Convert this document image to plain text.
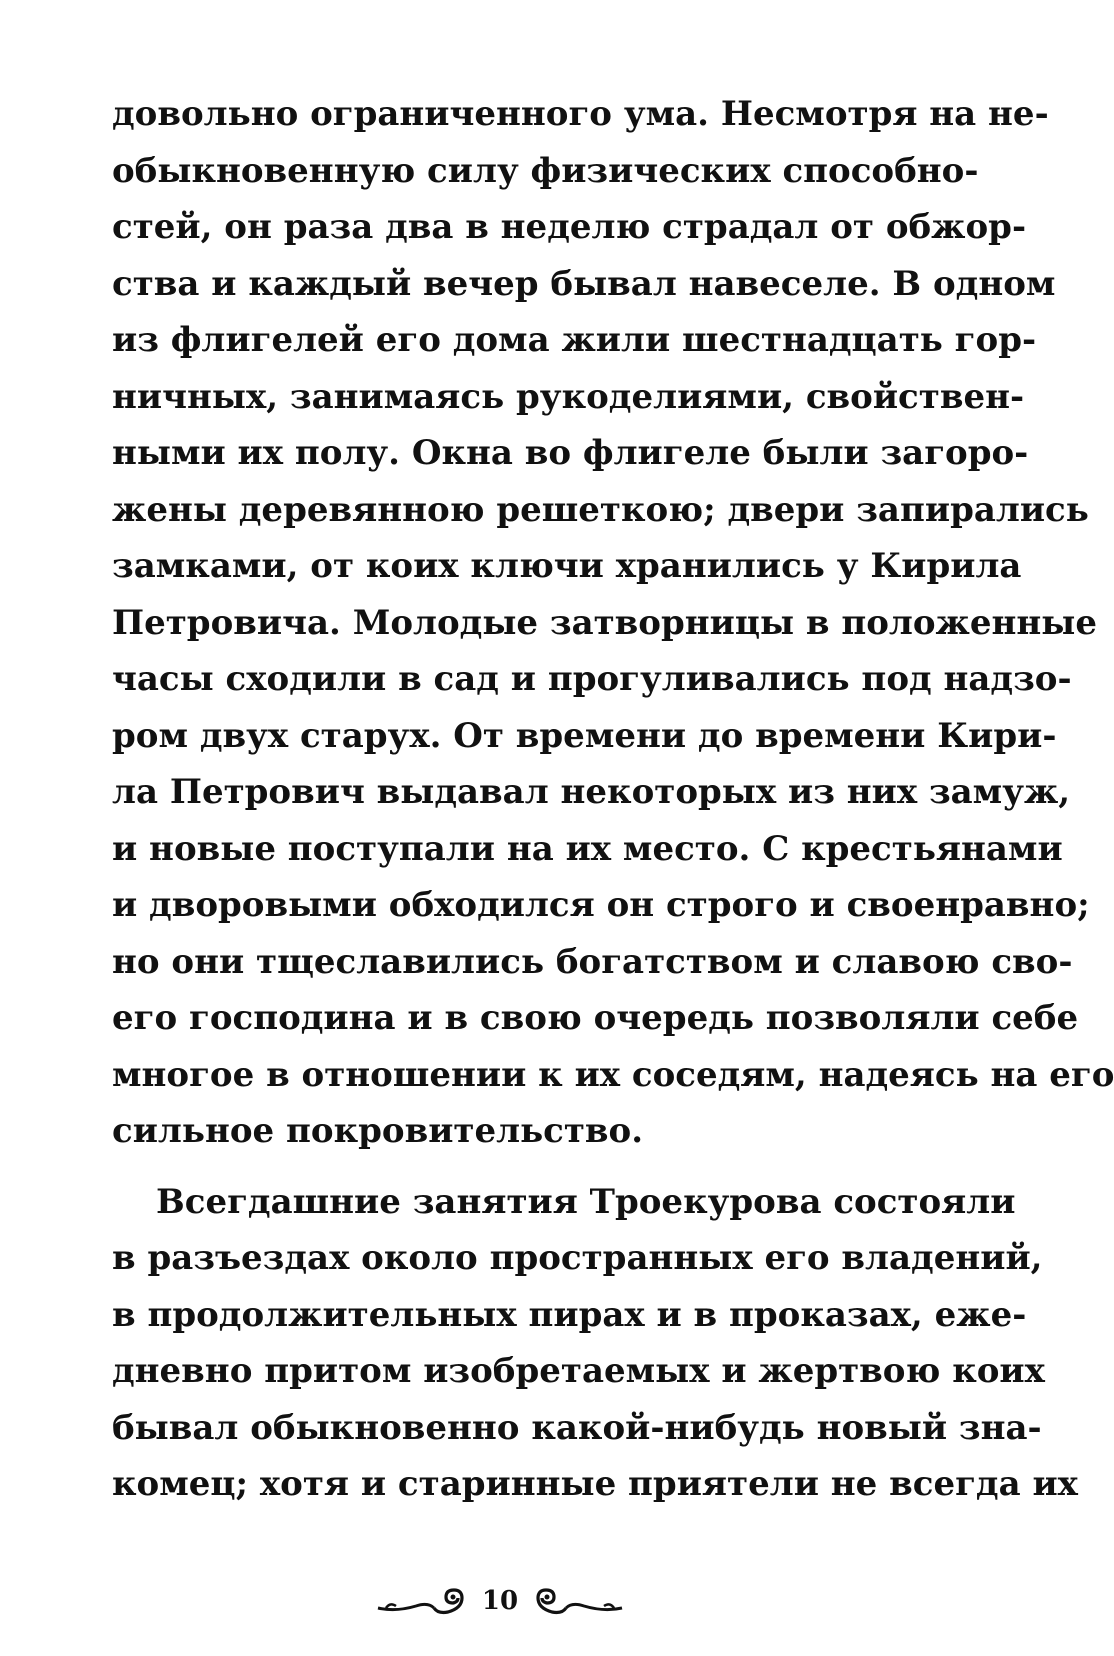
довольно ограниченного ума. Несмотря на не-
обыкновенную силу физических способно-
стей, он раза два в неделю страдал от обжор-
ства и каждый вечер бывал навеселе. В одном
из флигелей его дома жили шестнадцать гор-
ничных, занимаясь рукоделиями, свойствен-
ными их полу. Окна во флигеле были загоро-
жены деревянною решеткою; двери запирались
замками, от коих ключи хранились у Кирила
Петровича. Молодые затворницы в положенные
часы сходили в сад и прогуливались под надзо-
ром двух старух. От времени до времени Кири-
ла Петрович выдавал некоторых из них замуж,
и новые поступали на их место. С крестьянами
и дворовыми обходился он строго и своенравно;
но они тщеславились богатством и славою сво-
его господина и в свою очередь позволяли себе
многое в отношении к их соседям, надеясь на его
сильное покровительство.
Всегдашние занятия Троекурова состояли
в разъездах около пространных его владений,
в продолжительных пирах и в проказах, еже-
дневно притом изобретаемых и жертвою коих
бывал обыкновенно какой-нибудь новый зна-
комец; хотя и старинные приятели не всегда их
10
